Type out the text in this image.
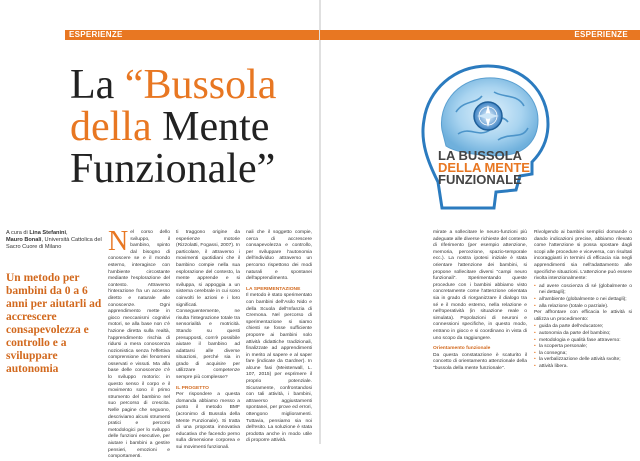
ESPERIENZE
La “Bussola
della Mente
Funzionale”
A cura di Lina Stefanini,
Mauro Bonali, Università Cattolica del Sacro Cuore di Milano
Un metodo per bambini da 0 a 6 anni per aiutarli ad accrescere consapevolezza e controllo e a sviluppare autonomia
Nel corso dello sviluppo, il bambino, spinto dal bisogno di conoscere se e il mondo esterno, interagisce con l'ambiente circostante mediante l'esplorazione del contesto. Attraverso l'interazione fra un accesso diretto e naturale alle conoscenze. Ogni apprendimento mette in gioco meccanismi cognitivi motori, se alla base non c'è l'azione diretta sulla realtà, l'apprendimento rischia di ridursi a mera conoscenza nozionistica senza l'effettiva comprensione dei fenomeni osservati e vissuti. Ma alla base delle conoscenze c'è lo sviluppo motorio: in questo senso il corpo e il movimento sono il primo strumento del bambino nel suo percorso di crescita. Nelle pagine che seguono, descriviamo alcuni strumenti pratici e percorsi metodologici per lo sviluppo delle funzioni esecutive, per aiutare i bambini a gestire pensieri, emozioni e comportamenti.
ti traggono origine da esperienze motorie (Rizzolatti, Fogassi, 2007). In particolare, il attraverso i movimenti quotidiani che il bambino compie nella sua esplorazione del contesto, la mente apprende e si sviluppa, si appoggia a un sistema cerebrale in cui sono coinvolti le azioni e i loro significati. Conseguentemente, ne risulta l'integrazione totale tra sensorialità e motricità. Stando su questi presupposti, com'è possibile aiutare il bambino ad adattarsi alle diverse situazioni, perché sia in grado di acquisire per utilizzare competenze sempre più complesse?
IL PROGETTO
Per rispondere a questa domanda abbiamo messo a punto il metodo BMF (acronimo di Bussola della Mente Funzionale). Si tratta di una proposta innovativa educativa che facendo perno sulla dimensione corporea e sui movimenti funzionali.
nali che il soggetto compie, cerca di accrescere consapevolezza e controllo, per sviluppare l'autonomia dell'individuo attraverso un percorso rispettoso dei modi naturali e spontanei dell'apprendimento.
LA SPERIMENTAZIONE
Il metodo è stato sperimentato con bambini dell'Asilo Nido e della Scuola dell'Infanzia di Cremona. Nel percorso di sperimentazione si siamo chiesti se fosse sufficiente proporre ai bambini solo attività didattiche tradizionali, finalizzate ad apprendimenti in merito al sapere e al saper fare (indicate da Gardner). In alcune fasi (Meisterwall, L. 107, 2015) per esprimere il proprio potenziale. Sicuramente, confrontandosi con tali attività, i bambini, attraverso aggiustamenti spontanei, per prove ed errori, ottengono miglioramenti. Tuttavia, pensiamo sia noi dell'esito. La soluzione è stata prodotta anche in modo utile di proporre attività.
ESPERIENZE
LA BUSSOLA
DELLA MENTE
FUNZIONALE
mirate a sollecitare le neuro-funzioni più adeguate alle diverse richieste del contesto di riferimento (per esempio attenzione, memoria, percezione, spazio-temporale ecc.). La nostra ipotesi iniziale è stata orientare l'attenzione dei bambini, si propone sollecitare diversi "campi neuro funzionali". Sperimentando queste procedure con i bambini abbiamo visto concretamente come l'attenzione orientata sia in grado di riorganizzare il dialogo tra sé e il mondo esterno, nella relazione e nell'operatività (in situazione reale o simulata). Popolazioni di neuroni e connessioni specifiche, in questo modo, entrano in gioco e si coordinano in vista di uno scopo da raggiungere.
Orientamento funzionale
Da questa constatazione è scaturito il concetto di orientamento attenzionale della "bussola della mente funzionale".
Rivolgendo ai bambini semplici domande o dando indicazioni precise, abbiamo rilevato come l'attenzione si possa spostare dagli scopi alle procedure e viceversa, con risultati incoraggianti in termini di efficacia sia negli apprendimenti sia nell'adattamento alle specifiche situazioni. L'attenzione può essere rivolta intenzionalmente:
• ad avere coscienza di sé (globalmente o nei dettagli);
• all'ambiente (globalmente o nei dettagli);
• alla relazione (totale o parziale).
Per affrontare con efficacia le attività si utilizza un procedimento:
• guida da parte dell'educatore;
• autonomia da parte del bambino;
• metodologia e qualità fase attraverso:
• la scoperta personale;
• la consegna;
• la verbalizzazione delle attività svolte;
• attività libera.
